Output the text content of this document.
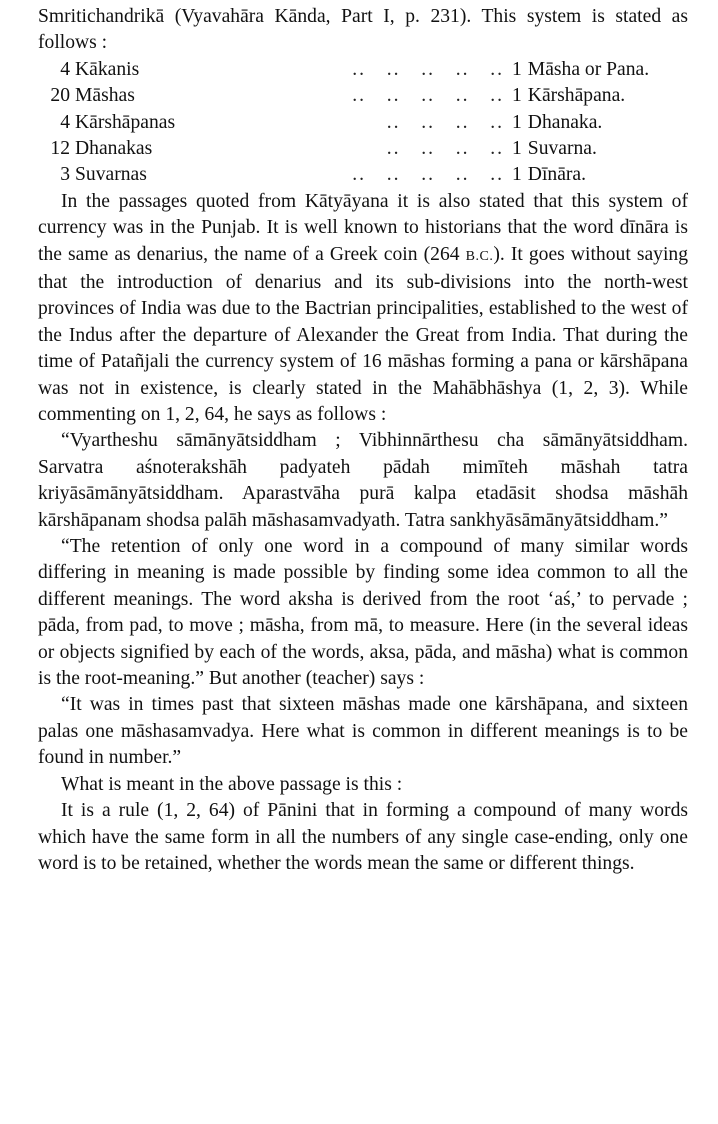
Smritichandrikā (Vyavahāra Kānda, Part I, p. 231). This system is stated as follows :

4 Kākanis	..   ..   ..   ..   .. 1 Māsha or Pana.
20 Māshas	..   ..   ..   ..   .. 1 Kārshāpana.
4 Kārshāpanas	..   ..   ..   .. 1 Dhanaka.
12 Dhanakas	..   ..   ..   .. 1 Suvarna.
3 Suvarnas	..   ..   ..   ..   .. 1 Dīnāra.

In the passages quoted from Kātyāyana it is also stated that this system of currency was in the Punjab. It is well known to historians that the word dīnāra is the same as denarius, the name of a Greek coin (264 B.C.). It goes without saying that the introduction of denarius and its sub-divisions into the north-west provinces of India was due to the Bactrian principalities, established to the west of the Indus after the departure of Alexander the Great from India. That during the time of Patañjali the currency system of 16 māshas forming a pana or kārshāpana was not in existence, is clearly stated in the Mahābhāshya (1, 2, 3). While commenting on 1, 2, 64, he says as follows :

“Vyartheshu sāmānyātsiddham ; Vibhinnārthesu cha sāmānyātsiddham. Sarvatra aśnoterakshāh padyateh pādah mimīteh māshah tatra kriyāsāmānyātsiddham. Aparastvāha purā kalpa etadāsit shodsa māshāh kārshāpanam shodsa palāh māshasamvadyath. Tatra sankhyāsāmānyātsiddham.”

“The retention of only one word in a compound of many similar words differing in meaning is made possible by finding some idea common to all the different meanings. The word aksha is derived from the root ‘aś,’ to pervade ; pāda, from pad, to move ; māsha, from mā, to measure. Here (in the several ideas or objects signified by each of the words, aksa, pāda, and māsha) what is common is the root-meaning.” But another (teacher) says :

“It was in times past that sixteen māshas made one kārshāpana, and sixteen palas one māshasamvadya. Here what is common in different meanings is to be found in number.”

What is meant in the above passage is this :

It is a rule (1, 2, 64) of Pānini that in forming a compound of many words which have the same form in all the numbers of any single case-ending, only one word is to be retained, whether the words mean the same or different things.
